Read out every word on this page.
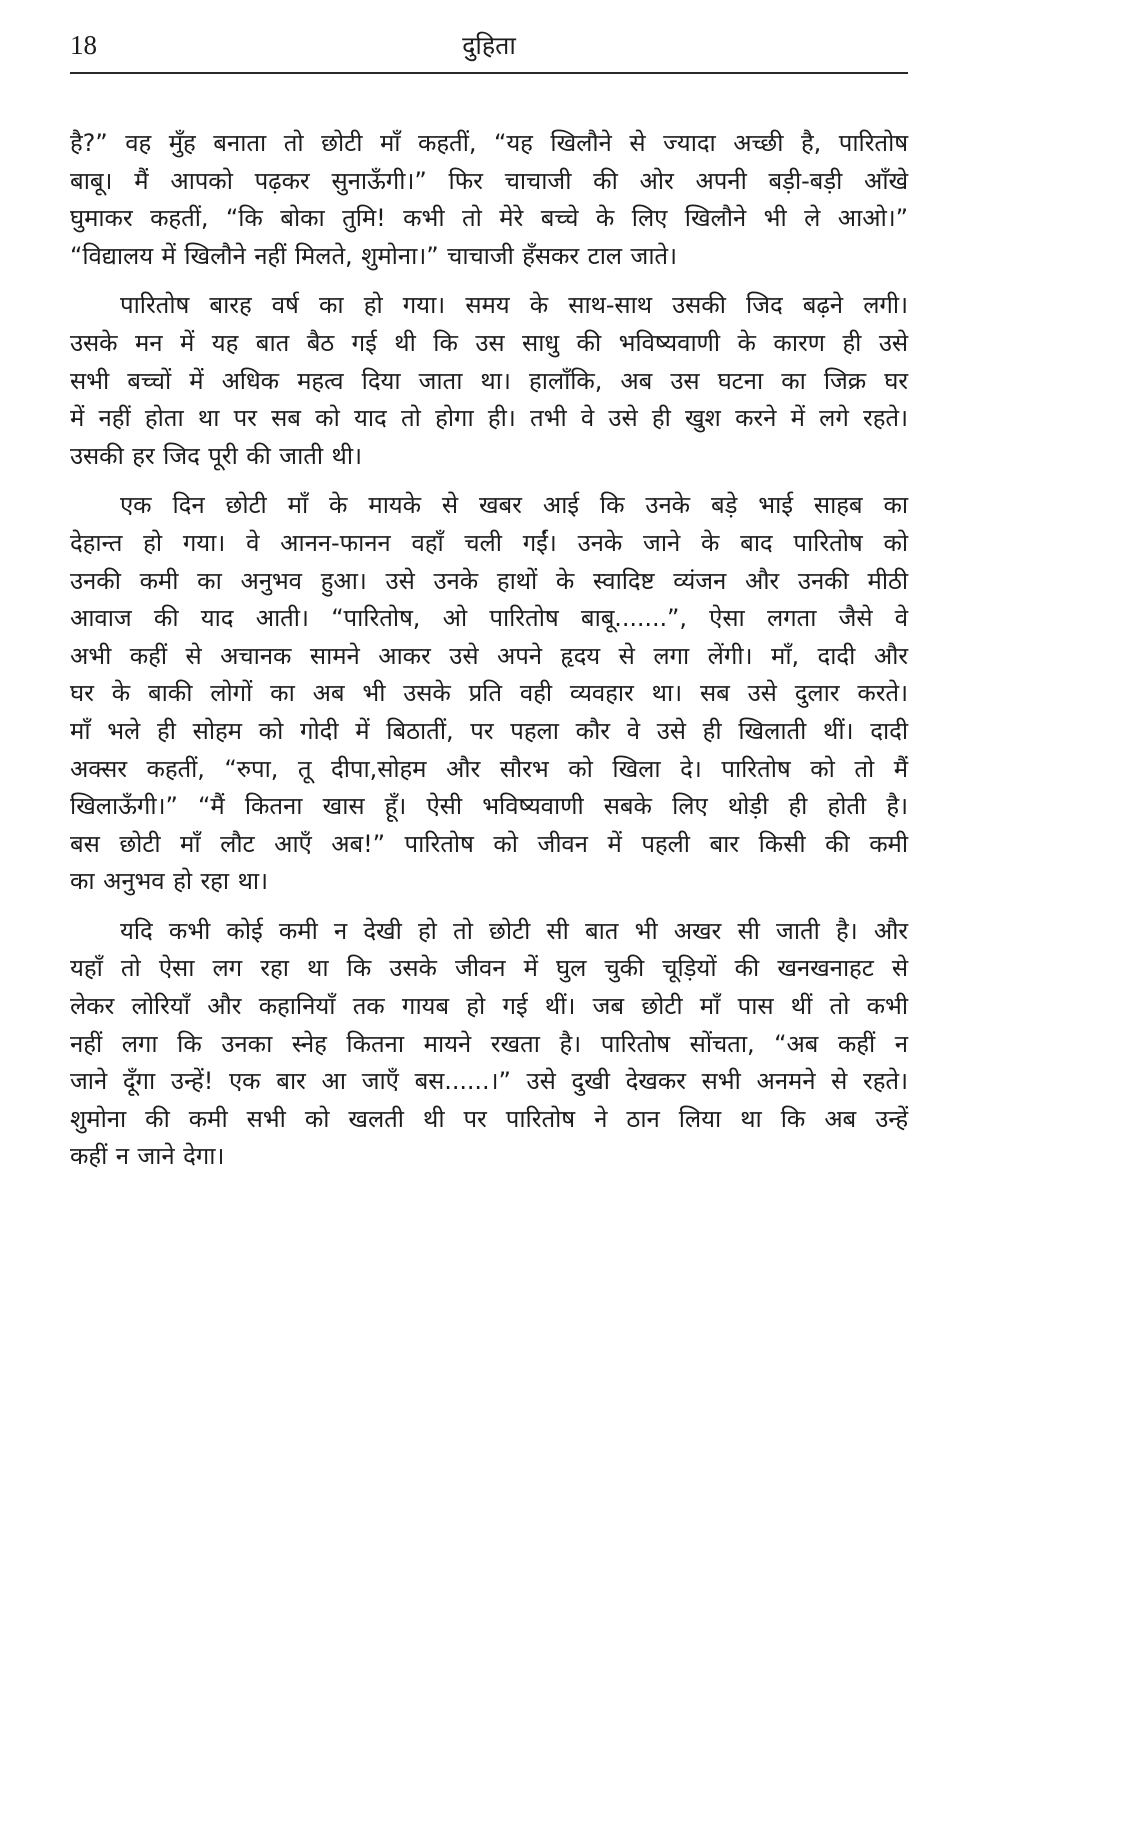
18	दुहिता

है?” वह मुँह बनाता तो छोटी माँ कहतीं, “यह खिलौने से ज्यादा अच्छी है, पारितोष
बाबू। मैं आपको पढ़कर सुनाऊँगी।” फिर चाचाजी की ओर अपनी बड़ी-बड़ी आँखे
घुमाकर कहतीं, “कि बोका तुमि! कभी तो मेरे बच्चे के लिए खिलौने भी ले आओ।”
“विद्यालय में खिलौने नहीं मिलते, शुमोना।” चाचाजी हँसकर टाल जाते।

पारितोष बारह वर्ष का हो गया। समय के साथ-साथ उसकी जिद बढ़ने लगी।
उसके मन में यह बात बैठ गई थी कि उस साधु की भविष्यवाणी के कारण ही उसे
सभी बच्चों में अधिक महत्व दिया जाता था। हालाँकि, अब उस घटना का जिक्र घर
में नहीं होता था पर सब को याद तो होगा ही। तभी वे उसे ही खुश करने में लगे रहते।
उसकी हर जिद पूरी की जाती थी।

एक दिन छोटी माँ के मायके से खबर आई कि उनके बड़े भाई साहब का
देहान्त हो गया। वे आनन-फानन वहाँ चली गईं। उनके जाने के बाद पारितोष को
उनकी कमी का अनुभव हुआ। उसे उनके हाथों के स्वादिष्ट व्यंजन और उनकी मीठी
आवाज की याद आती। “पारितोष, ओ पारितोष बाबू.......”, ऐसा लगता जैसे वे
अभी कहीं से अचानक सामने आकर उसे अपने हृदय से लगा लेंगी। माँ, दादी और
घर के बाकी लोगों का अब भी उसके प्रति वही व्यवहार था। सब उसे दुलार करते।
माँ भले ही सोहम को गोदी में बिठातीं, पर पहला कौर वे उसे ही खिलाती थीं। दादी
अक्सर कहतीं, “रुपा, तू दीपा,सोहम और सौरभ को खिला दे। पारितोष को तो मैं
खिलाऊँगी।” “मैं कितना खास हूँ। ऐसी भविष्यवाणी सबके लिए थोड़ी ही होती है।
बस छोटी माँ लौट आएँ अब!” पारितोष को जीवन में पहली बार किसी की कमी
का अनुभव हो रहा था।

यदि कभी कोई कमी न देखी हो तो छोटी सी बात भी अखर सी जाती है। और
यहाँ तो ऐसा लग रहा था कि उसके जीवन में घुल चुकी चूड़ियों की खनखनाहट से
लेकर लोरियाँ और कहानियाँ तक गायब हो गई थीं। जब छोटी माँ पास थीं तो कभी
नहीं लगा कि उनका स्नेह कितना मायने रखता है। पारितोष सोंचता, “अब कहीं न
जाने दूँगा उन्हें! एक बार आ जाएँ बस......।” उसे दुखी देखकर सभी अनमने से रहते।
शुमोना की कमी सभी को खलती थी पर पारितोष ने ठान लिया था कि अब उन्हें
कहीं न जाने देगा।
